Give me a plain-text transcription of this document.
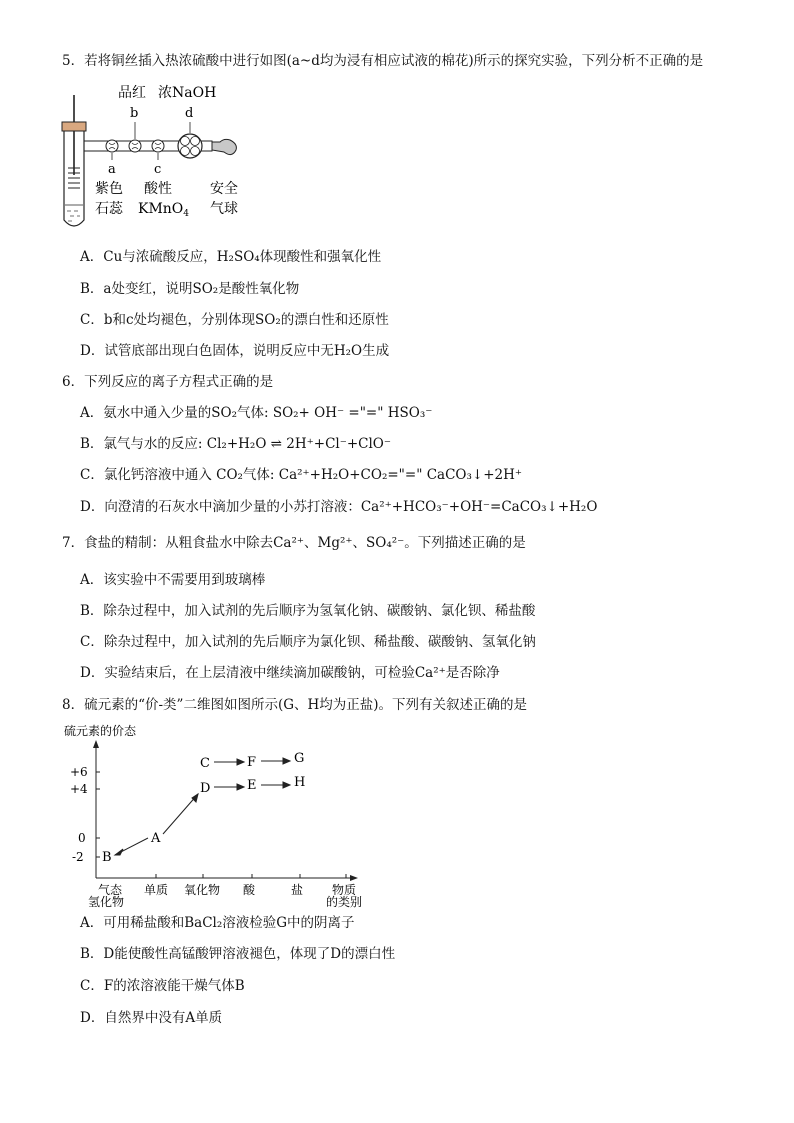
5．若将铜丝插入热浓硫酸中进行如图(a~d均为浸有相应试液的棉花)所示的探究实验，下列分析不正确的是
品红 浓NaOH
b	d
a	c
紫色
石蕊
酸性
KMnO$_4$
安全
气球
A．Cu与浓硫酸反应，H₂SO₄体现酸性和强氧化性
B．a处变红，说明SO₂是酸性氧化物
C．b和c处均褪色，分别体现SO₂的漂白性和还原性
D．试管底部出现白色固体，说明反应中无H₂O生成
6．下列反应的离子方程式正确的是
A．氨水中通入少量的SO₂气体: SO₂+ OH⁻ ="=" HSO₃⁻
B．氯气与水的反应: Cl₂+H₂O ⇌ 2H⁺+Cl⁻+ClO⁻
C．氯化钙溶液中通入 CO₂气体: Ca²⁺+H₂O+CO₂="=" CaCO₃↓+2H⁺
D．向澄清的石灰水中滴加少量的小苏打溶液：Ca²⁺+HCO₃⁻+OH⁻=CaCO₃↓+H₂O
7．食盐的精制：从粗食盐水中除去Ca²⁺、Mg²⁺、SO₄²⁻。下列描述正确的是
A．该实验中不需要用到玻璃棒
B．除杂过程中，加入试剂的先后顺序为氢氧化钠、碳酸钠、氯化钡、稀盐酸
C．除杂过程中，加入试剂的先后顺序为氯化钡、稀盐酸、碳酸钠、氢氧化钠
D．实验结束后，在上层清液中继续滴加碳酸钠，可检验Ca²⁺是否除净
8．硫元素的“价-类”二维图如图所示(G、H均为正盐)。下列有关叙述正确的是
硫元素的价态
+6
+4
0
-2
气态
氢化物
单质 氧化物 酸	盐 物质
的类别
B
A
C
D
F
E
G
H
A．可用稀盐酸和BaCl₂溶液检验G中的阴离子
B．D能使酸性高锰酸钾溶液褪色，体现了D的漂白性
C．F的浓溶液能干燥气体B
D．自然界中没有A单质
